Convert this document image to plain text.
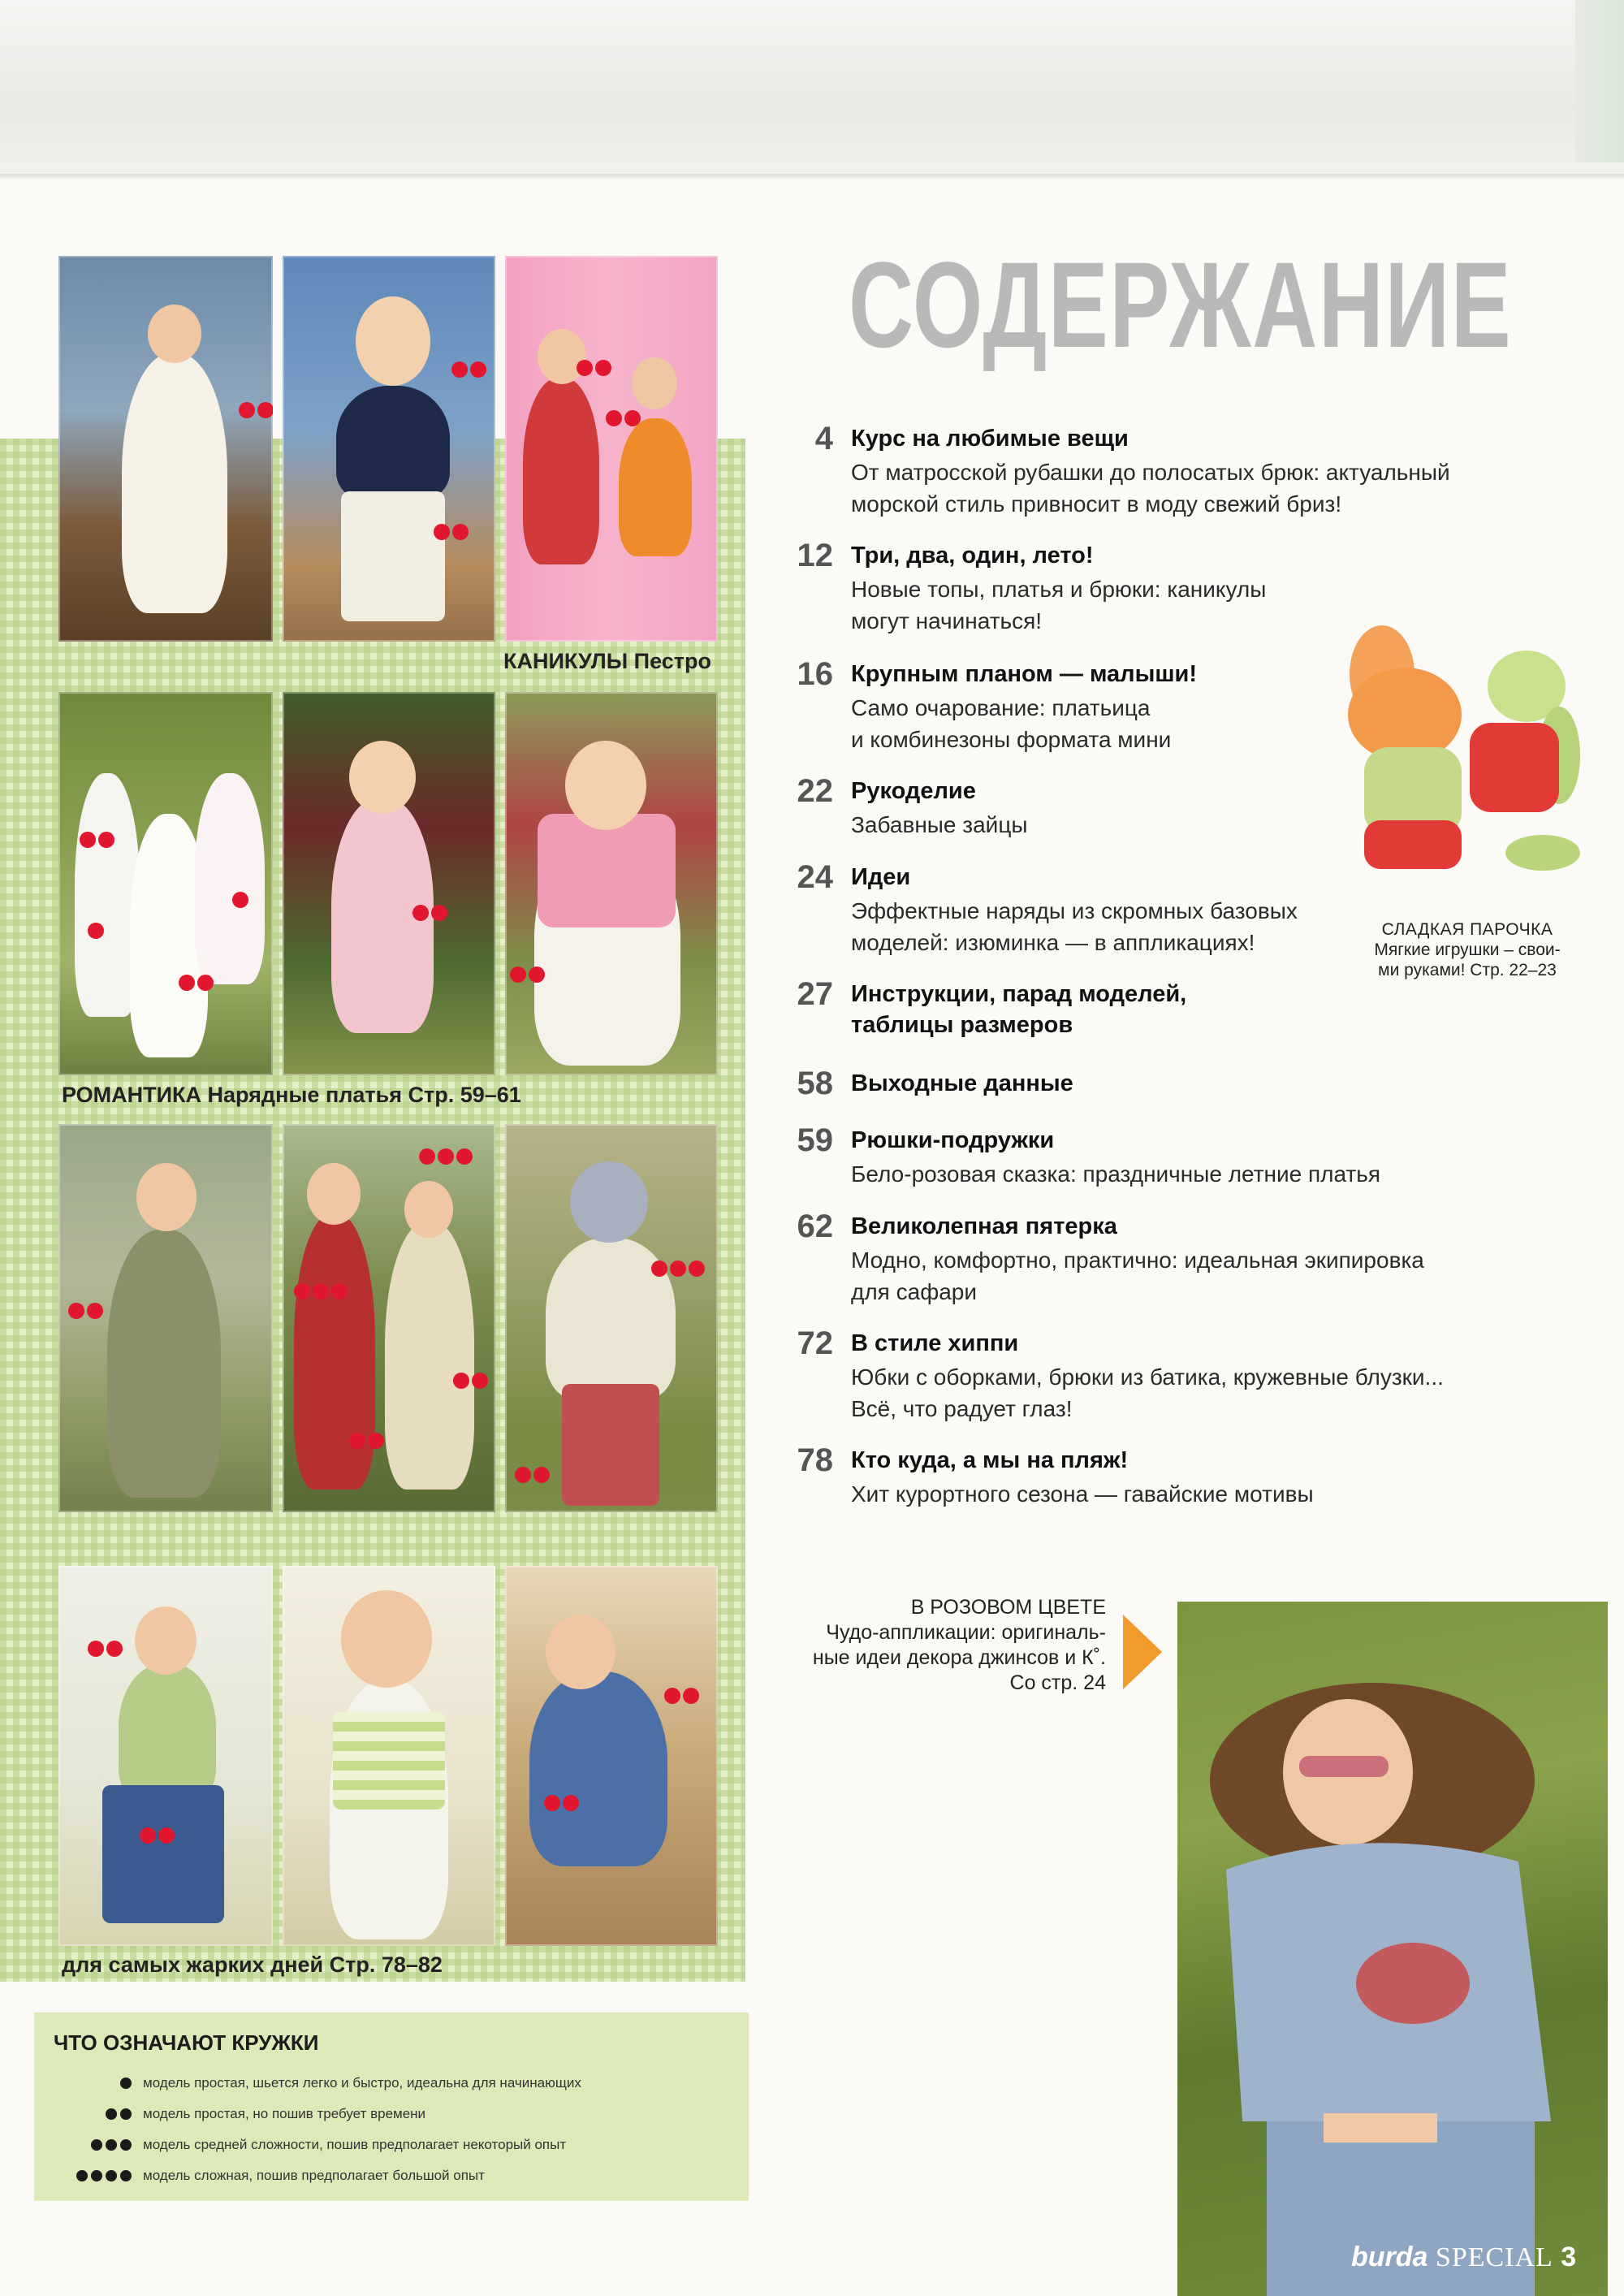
КАНИКУЛЫ Пестро
РОМАНТИКА Нарядные платья Стр. 59–61
для самых жарких дней Стр. 78–82
ЧТО ОЗНАЧАЮТ КРУЖКИ
модель простая, шьется легко и быстро, идеальна для начинающих
модель простая, но пошив требует времени
модель средней сложности, пошив предполагает некоторый опыт
модель сложная, пошив предполагает большой опыт
СОДЕРЖАНИЕ
4 Курс на любимые вещи
От матросской рубашки до полосатых брюк: актуальный
морской стиль привносит в моду свежий бриз!
12 Три, два, один, лето!
Новые топы, платья и брюки: каникулы
могут начинаться!
16 Крупным планом — малыши!
Само очарование: платьица
и комбинезоны формата мини
22 Рукоделие
Забавные зайцы
24 Идеи
Эффектные наряды из скромных базовых
моделей: изюминка — в аппликациях!
27 Инструкции, парад моделей,
таблицы размеров
58 Выходные данные
59 Рюшки-подружки
Бело-розовая сказка: праздничные летние платья
62 Великолепная пятерка
Модно, комфортно, практично: идеальная экипировка
для сафари
72 В стиле хиппи
Юбки с оборками, брюки из батика, кружевные блузки...
Всё, что радует глаз!
78 Кто куда, а мы на пляж!
Хит курортного сезона — гавайские мотивы
СЛАДКАЯ ПАРОЧКА
Мягкие игрушки – свои-
ми руками! Стр. 22–23
В РОЗОВОМ ЦВЕТЕ
Чудо-аппликации: оригиналь-
ные идеи декора джинсов и К˚.
Со стр. 24
burda SPECIAL 3
